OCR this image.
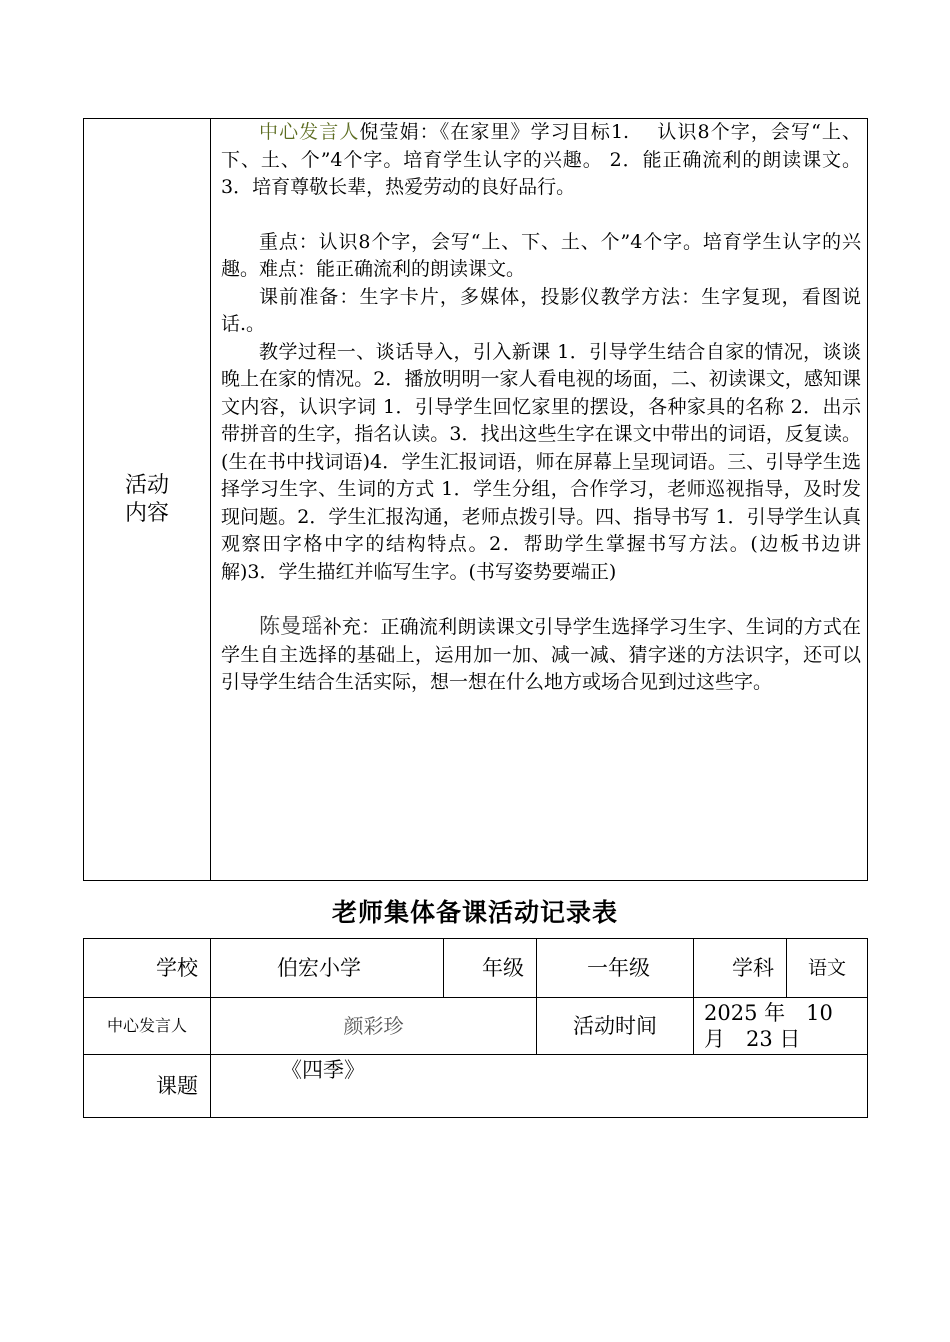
活动
内容	

中心发言人倪莹娟：《在家里》学习目标1.　 认识8个字，会写“上、下、土、个”4个字。培育学生认字的兴趣。 2．能正确流利的朗读课文。3．培育尊敬长辈，热爱劳动的良好品行。

重点：认识8个字，会写“上、下、土、个”4个字。培育学生认字的兴趣。难点：能正确流利的朗读课文。

课前准备：生字卡片，多媒体，投影仪教学方法：生字复现，看图说话.。

教学过程一、谈话导入，引入新课 1．引导学生结合自家的情况，谈谈晚上在家的情况。2．播放明明一家人看电视的场面，二、初读课文，感知课文内容，认识字词 1．引导学生回忆家里的摆设，各种家具的名称 2．出示带拼音的生字，指名认读。3．找出这些生字在课文中带出的词语，反复读。(生在书中找词语)4．学生汇报词语，师在屏幕上呈现词语。三、引导学生选择学习生字、生词的方式 1．学生分组，合作学习，老师巡视指导，及时发现问题。2．学生汇报沟通，老师点拨引导。四、指导书写 1．引导学生认真观察田字格中字的结构特点。2．帮助学生掌握书写方法。(边板书边讲解)3．学生描红并临写生字。(书写姿势要端正)

陈曼瑶补充：正确流利朗读课文引导学生选择学习生字、生词的方式在学生自主选择的基础上，运用加一加、减一减、猜字迷的方法识字，还可以引导学生结合生活实际，想一想在什么地方或场合见到过这些字。

老师集体备课活动记录表
学校	伯宏小学	年级	一年级	学科	语文
中心发言人	颜彩珍		活动时间	2025 年　10 月　23 日	
课题	《四季》				
